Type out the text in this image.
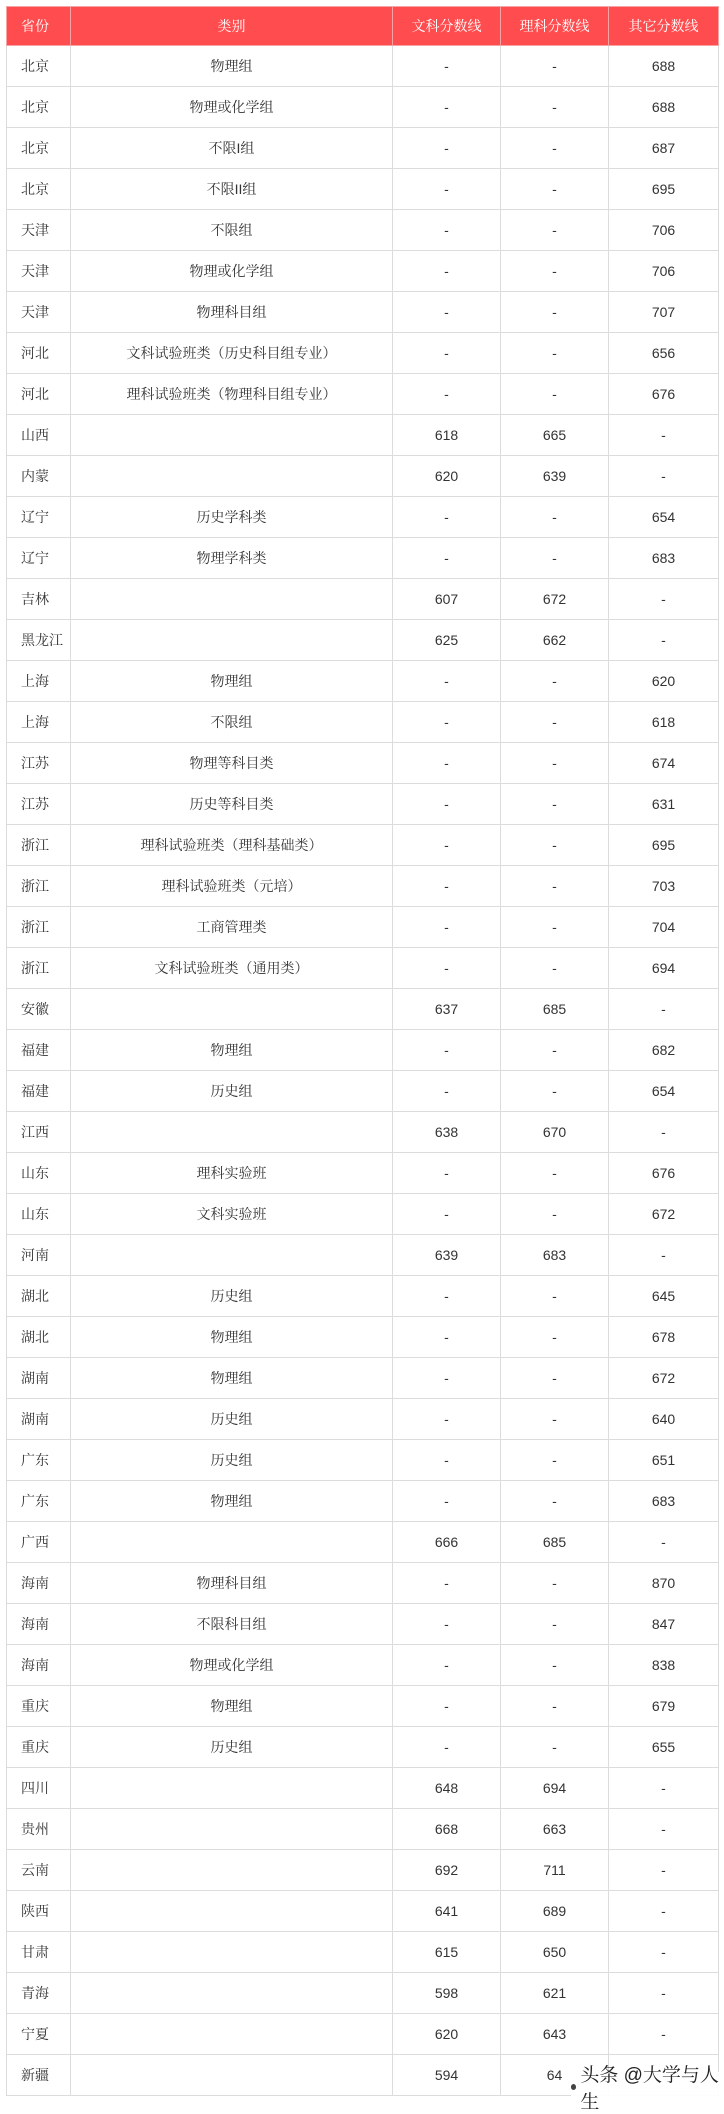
省份	类别	文科分数线	理科分数线	其它分数线
北京	物理组	-	-	688
北京	物理或化学组	-	-	688
北京	不限I组	-	-	687
北京	不限II组	-	-	695
天津	不限组	-	-	706
天津	物理或化学组	-	-	706
天津	物理科目组	-	-	707
河北	文科试验班类（历史科目组专业）	-	-	656
河北	理科试验班类（物理科目组专业）	-	-	676
山西		618	665	-
内蒙		620	639	-
辽宁	历史学科类	-	-	654
辽宁	物理学科类	-	-	683
吉林		607	672	-
黑龙江		625	662	-
上海	物理组	-	-	620
上海	不限组	-	-	618
江苏	物理等科目类	-	-	674
江苏	历史等科目类	-	-	631
浙江	理科试验班类（理科基础类）	-	-	695
浙江	理科试验班类（元培）	-	-	703
浙江	工商管理类	-	-	704
浙江	文科试验班类（通用类）	-	-	694
安徽		637	685	-
福建	物理组	-	-	682
福建	历史组	-	-	654
江西		638	670	-
山东	理科实验班	-	-	676
山东	文科实验班	-	-	672
河南		639	683	-
湖北	历史组	-	-	645
湖北	物理组	-	-	678
湖南	物理组	-	-	672
湖南	历史组	-	-	640
广东	历史组	-	-	651
广东	物理组	-	-	683
广西		666	685	-
海南	物理科目组	-	-	870
海南	不限科目组	-	-	847
海南	物理或化学组	-	-	838
重庆	物理组	-	-	679
重庆	历史组	-	-	655
四川		648	694	-
贵州		668	663	-
云南		692	711	-
陕西		641	689	-
甘肃		615	650	-
青海		598	621	-
宁夏		620	643	-
新疆		594	64	头条 @大学与人生
